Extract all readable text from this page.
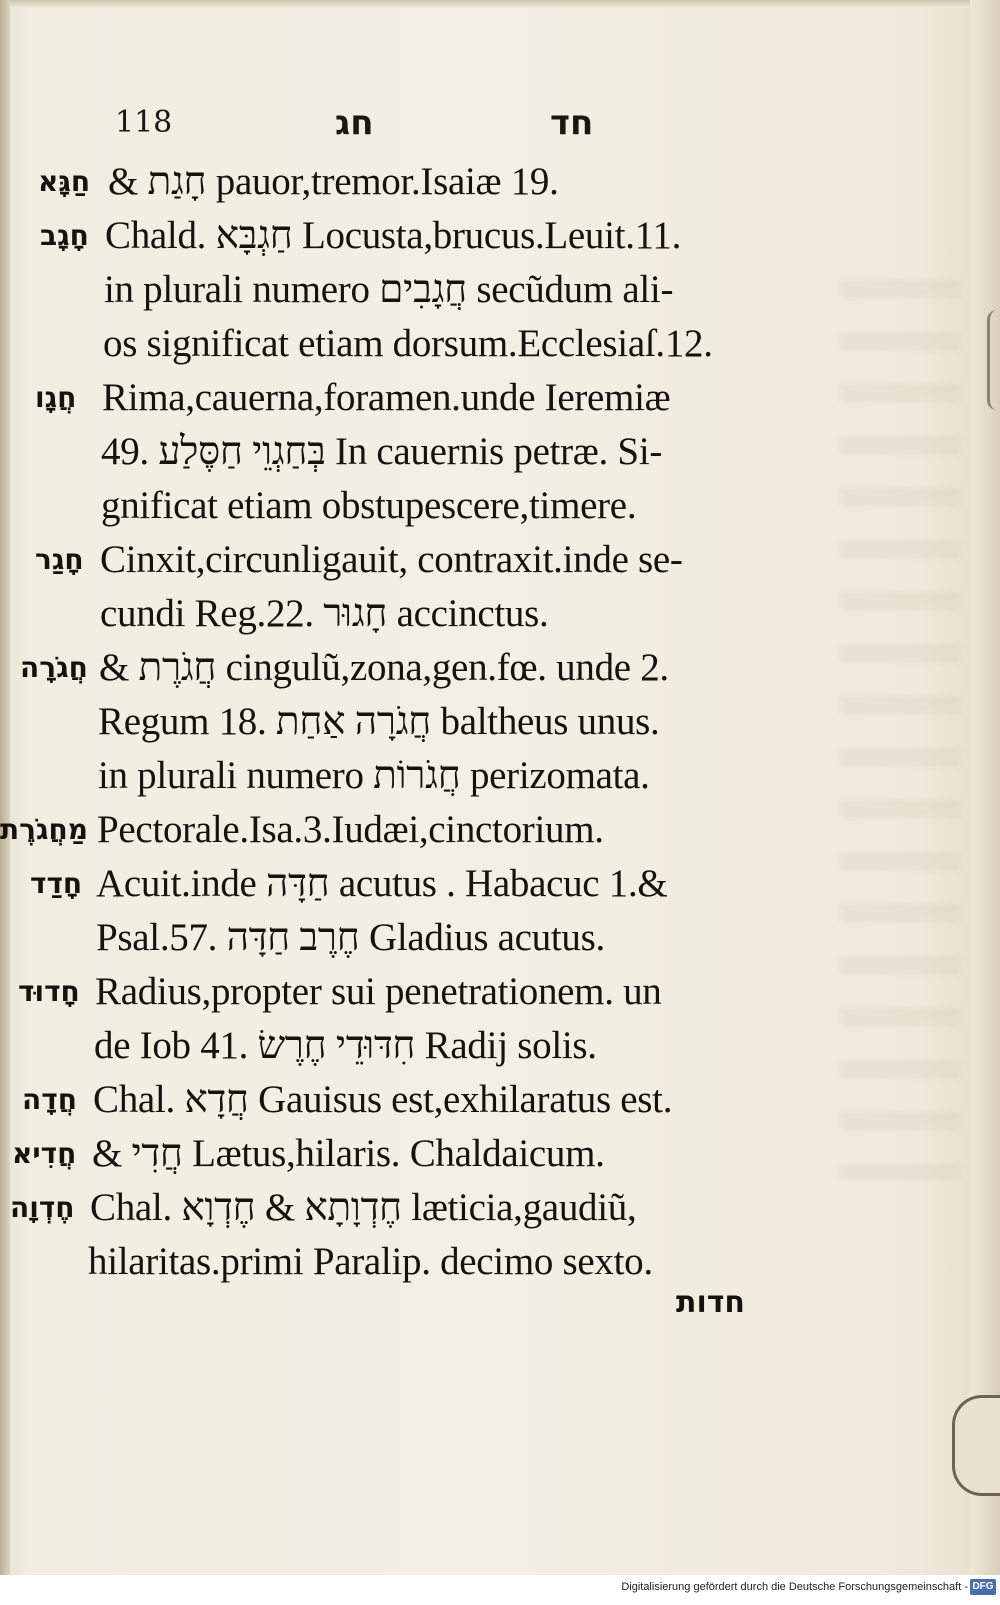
118	חג	חד
חַגָּא
חָגָב
חֲגָו
חָגַר
חֲגֹרָה
מַחֲגֹרֶת
חָדַד
חָדוּד
חֲדָה
חֲדִיא
חֶדְוָה
& חָגַת pauor,tremor.Isaiæ 19.
Chald. חַגְבָּא Locusta,brucus.Leuit.11.
in plurali numero חֲגָבִים secũdum ali-
os significat etiam dorsum.Ecclesiaſ.12.
Rima,cauerna,foramen.unde Ieremiæ
49. בְּחַגְוֵי חַסֶּלַע In cauernis petræ. Si-
gnificat etiam obstupescere,timere.
Cinxit,circunligauit, contraxit.inde se-
cundi Reg.22. חָגוּר accinctus.
& חֲגֹרֶת cingulũ,zona,gen.fœ. unde 2.
Regum 18. חֲגֹרָה אַחַת baltheus unus.
in plurali numero חֲגֹרוֹת perizomata.
Pectorale.Isa.3.Iudæi,cinctorium.
Acuit.inde חַדָּה acutus . Habacuc 1.&
Psal.57. חֶרֶב חַדָּה Gladius acutus.
Radius,propter sui penetrationem. un
de Iob 41. חִדּוּדֵי חֶרֶשׂ Radĳ solis.
Chal. חֲדָא Gauisus est,exhilaratus est.
& חֲדִי Lætus,hilaris. Chaldaicum.
Chal. חֶדְוָתָא & חֶדְוָא læticia,gaudiũ,
hilaritas.primi Paralip. decimo sexto.
חדות
Digitalisierung gefördert durch die Deutsche Forschungsgemeinschaft - DFG
